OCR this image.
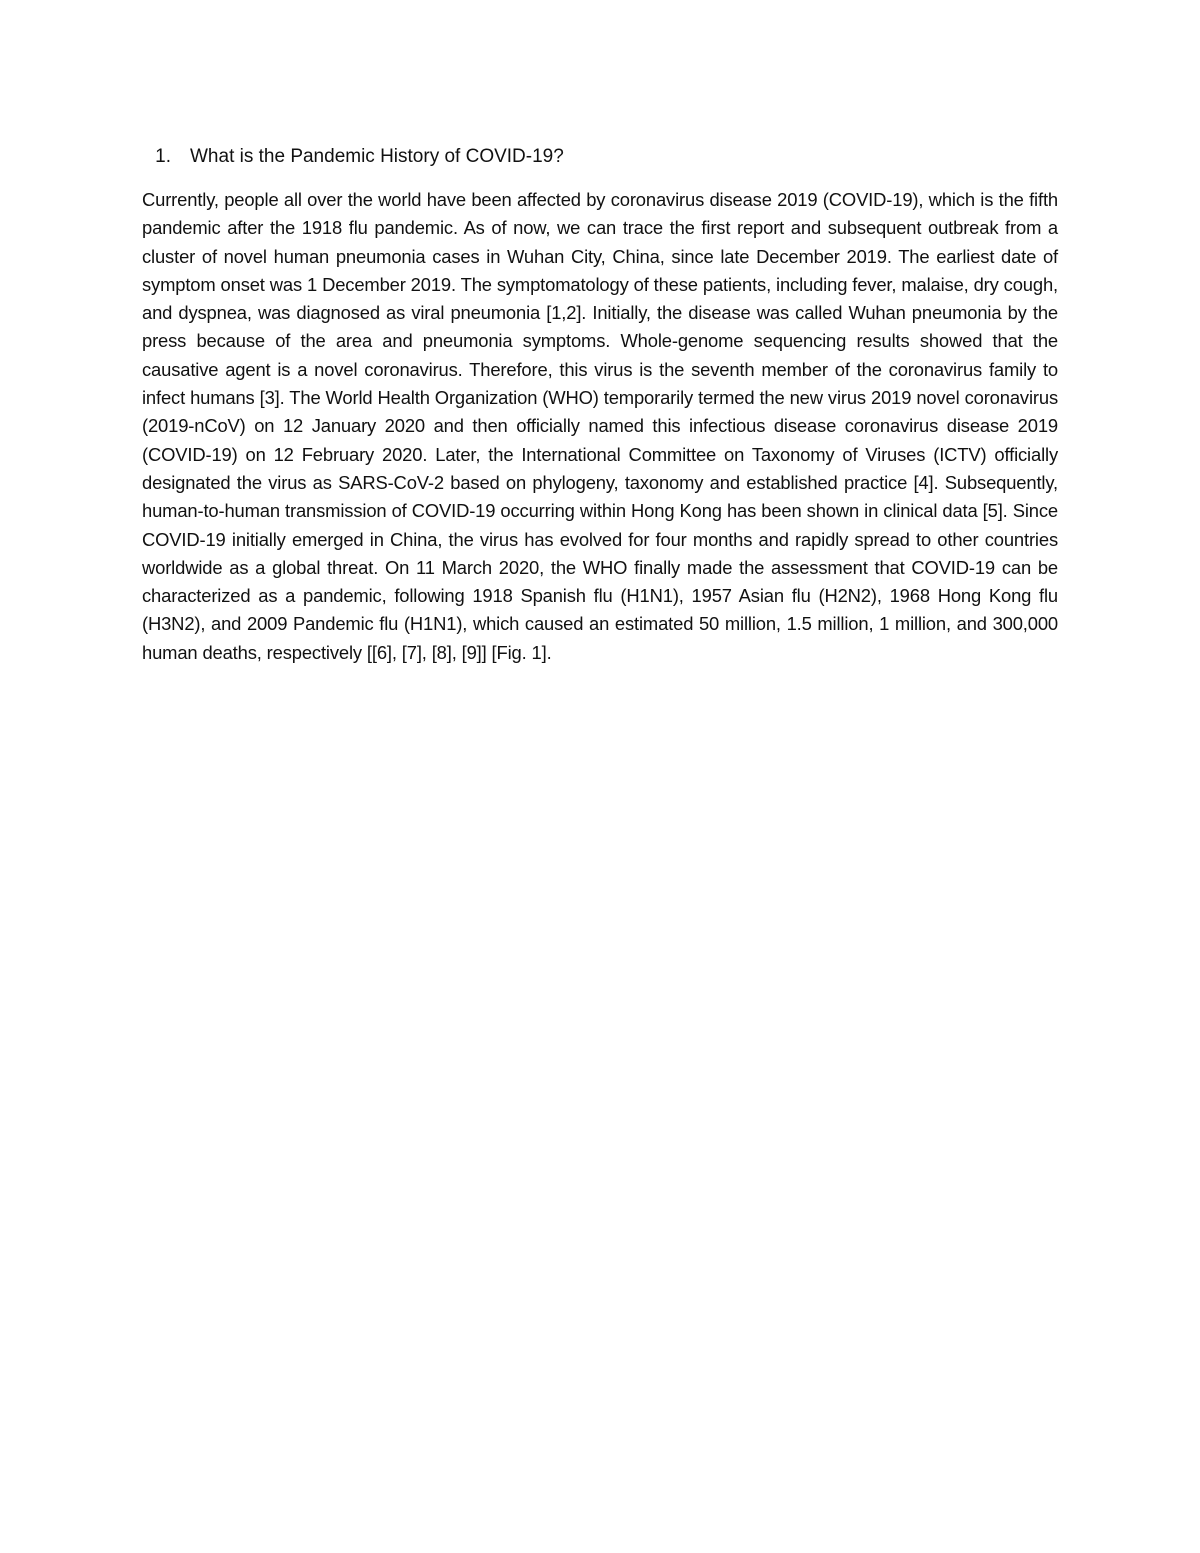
1.	What is the Pandemic History of COVID-19?

Currently, people all over the world have been affected by coronavirus disease 2019 (COVID-19), which is the fifth pandemic after the 1918 flu pandemic. As of now, we can trace the first report and subsequent outbreak from a cluster of novel human pneumonia cases in Wuhan City, China, since late December 2019. The earliest date of symptom onset was 1 December 2019. The symptomatology of these patients, including fever, malaise, dry cough, and dyspnea, was diagnosed as viral pneumonia [1,2]. Initially, the disease was called Wuhan pneumonia by the press because of the area and pneumonia symptoms. Whole-genome sequencing results showed that the causative agent is a novel coronavirus. Therefore, this virus is the seventh member of the coronavirus family to infect humans [3]. The World Health Organization (WHO) temporarily termed the new virus 2019 novel coronavirus (2019-nCoV) on 12 January 2020 and then officially named this infectious disease coronavirus disease 2019 (COVID-19) on 12 February 2020. Later, the International Committee on Taxonomy of Viruses (ICTV) officially designated the virus as SARS-CoV-2 based on phylogeny, taxonomy and established practice [4]. Subsequently, human-to-human transmission of COVID-19 occurring within Hong Kong has been shown in clinical data [5]. Since COVID-19 initially emerged in China, the virus has evolved for four months and rapidly spread to other countries worldwide as a global threat. On 11 March 2020, the WHO finally made the assessment that COVID-19 can be characterized as a pandemic, following 1918 Spanish flu (H1N1), 1957 Asian flu (H2N2), 1968 Hong Kong flu (H3N2), and 2009 Pandemic flu (H1N1), which caused an estimated 50 million, 1.5 million, 1 million, and 300,000 human deaths, respectively [[6], [7], [8], [9]] [Fig. 1].
